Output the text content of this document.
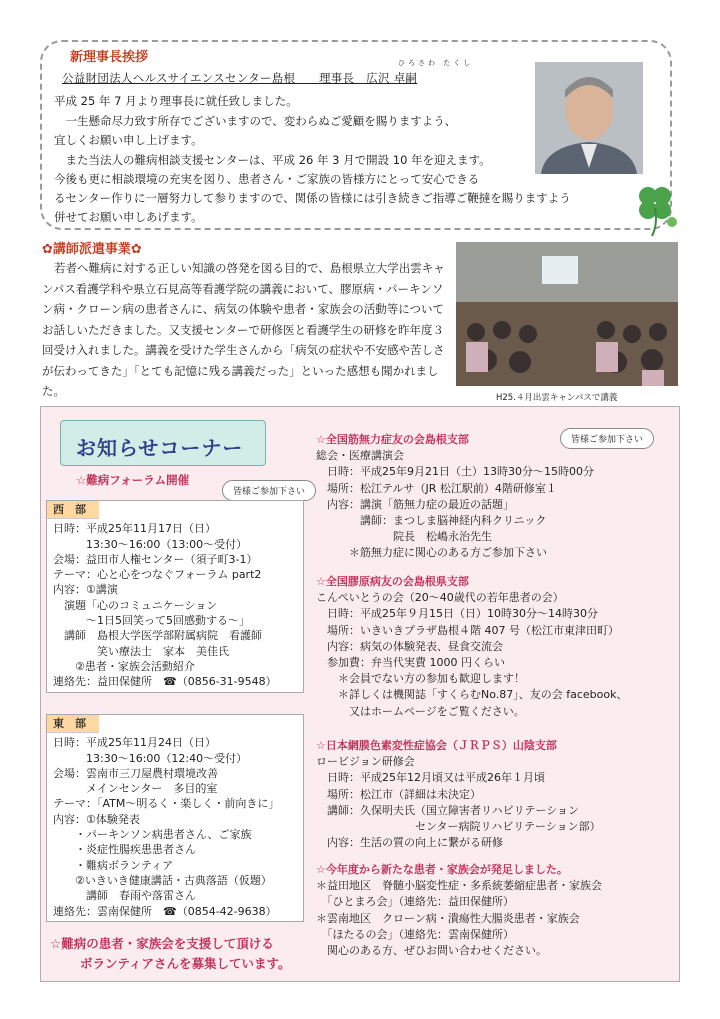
新理事長挨拶	ひろさわ たくし
公益財団法人ヘルスサイエンスセンター島根　　理事長　広沢 卓嗣

平成 25 年 7 月より理事長に就任致しました。

　一生懸命尽力致す所存でございますので、変わらぬご愛顧を賜りますよう、

宜しくお願い申し上げます。

　また当法人の難病相談支援センターは、平成 26 年 3 月で開設 10 年を迎えます。

今後も更に相談環境の充実を図り、患者さん・ご家族の皆様方にとって安心できる

るセンター作りに一層努力して参りますので、関係の皆様には引き続きご指導ご鞭撻を賜りますよう

併せてお願い申しあげます。

✿講師派遣事業✿

若者へ難病に対する正しい知識の啓発を図る目的で、島根県立大学出雲キャンパス看護学科や県立石見高等看護学院の講義において、膠原病・パーキンソン病・クローン病の患者さんに、病気の体験や患者・家族会の活動等についてお話しいただきました。又支援センターで研修医と看護学生の研修を昨年度３回受け入れました。講義を受けた学生さんから「病気の症状や不安感や苦しさが伝わってきた」「とても記憶に残る講義だった」といった感想も聞かれました。	H25.４月出雲キャンパスで講義
お知らせコーナー
☆難病フォーラム開催
皆様ご参加下さい
皆様ご参加下さい
西　部

日時：平成25年11月17日（日）

　　　13:30～16:00（13:00～受付）

会場：益田市人権センター（須子町3-1）

テーマ：心と心をつなぐフォーラム part2

内容：①講演

　演題「心のコミュニケーション

　　　～1日5回笑って5回感動する～」

　講師　島根大学医学部附属病院　看護師

　　　　笑い療法士　家本　美佳氏

　　②患者・家族会活動紹介

連絡先：益田保健所　☎（0856-31-9548）

東　部

日時：平成25年11月24日（日）

　　　13:30～16:00（12:40～受付）

会場：雲南市三刀屋農村環境改善

　　　メインセンター　多目的室

テーマ：「ATM～明るく・楽しく・前向きに」

内容：①体験発表

　　・パーキンソン病患者さん、ご家族

　　・炎症性腸疾患患者さん

　　・難病ボランティア

　　②いきいき健康講話・古典落語（仮題）

　　　講師　春雨や落雷さん

連絡先：雲南保健所　☎（0854-42-9638）

☆難病の患者・家族会を支援して頂ける
ボランティアさんを募集しています。

☆全国筋無力症友の会島根支部

総会・医療講演会

　日時：平成25年9月21日（土）13時30分～15時00分

　場所：松江テルサ（JR 松江駅前）4階研修室１

　内容：講演「筋無力症の最近の話題」

　　　　講師：まつしま脳神経内科クリニック

　　　　　　　院長　松嶋永治先生

　　　＊筋無力症に関心のある方ご参加下さい

☆全国膠原病友の会島根県支部

こんぺいとうの会（20～40歳代の若年患者の会）

　日時：平成25年９月15日（日）10時30分～14時30分

　場所：いきいきプラザ島根４階 407 号（松江市東津田町）

　内容：病気の体験発表、昼食交流会

　参加費：弁当代実費 1000 円くらい

　　＊会員でない方の参加も歓迎します！

　　＊詳しくは機関誌「すくらむNo.87」、友の会 facebook、

　　　又はホームページをご覧ください。

☆日本網膜色素変性症協会（ＪＲＰＳ）山陰支部

ロービジョン研修会

　日時：平成25年12月頃又は平成26年１月頃

　場所：松江市（詳細は未決定）

　講師：久保明夫氏（国立障害者リハビリテーション

　　　　　　　　　センター病院リハビリテーション部）

　内容：生活の質の向上に繋がる研修

☆今年度から新たな患者・家族会が発足しました。

＊益田地区　脊髄小脳変性症・多系統萎縮症患者・家族会

　「ひとまろ会」（連絡先：益田保健所）

＊雲南地区　クローン病・潰瘍性大腸炎患者・家族会

　「ほたるの会」（連絡先：雲南保健所）

　関心のある方、ぜひお問い合わせください。
